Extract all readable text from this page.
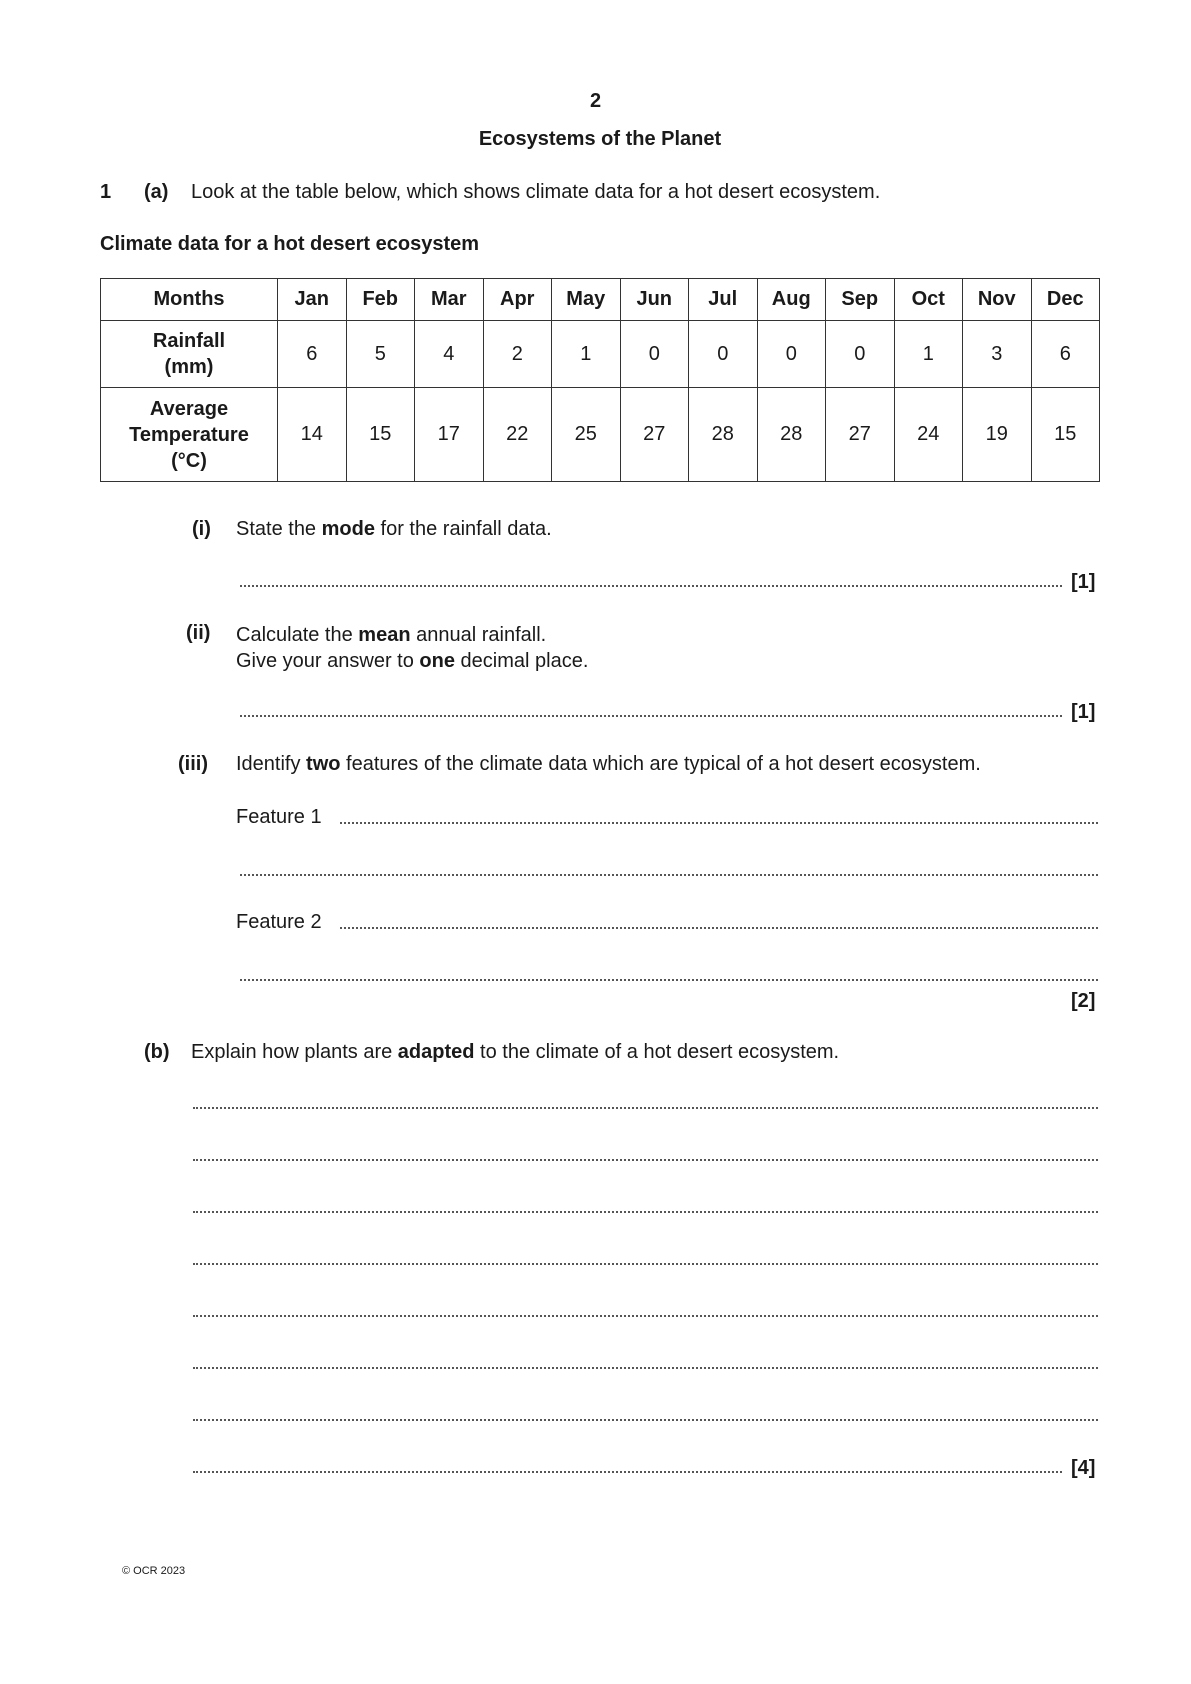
2
Ecosystems of the Planet
1 (a) Look at the table below, which shows climate data for a hot desert ecosystem.
Climate data for a hot desert ecosystem
Months	Jan	Feb	Mar	Apr	May	Jun	Jul	Aug	Sep	Oct	Nov	Dec

Rainfall
(mm)	6	5	4	2	1	0	0	0	0	1	3	6

Average
Temperature
(°C)	14	15	17	22	25	27	28	28	27	24	19	15
(i) State the mode for the rainfall data.
[1]
(ii) Calculate the mean annual rainfall.
Give your answer to one decimal place.
[1]
(iii) Identify two features of the climate data which are typical of a hot desert ecosystem.
Feature 1
Feature 2
[2]
(b) Explain how plants are adapted to the climate of a hot desert ecosystem.
[4]
© OCR 2023
